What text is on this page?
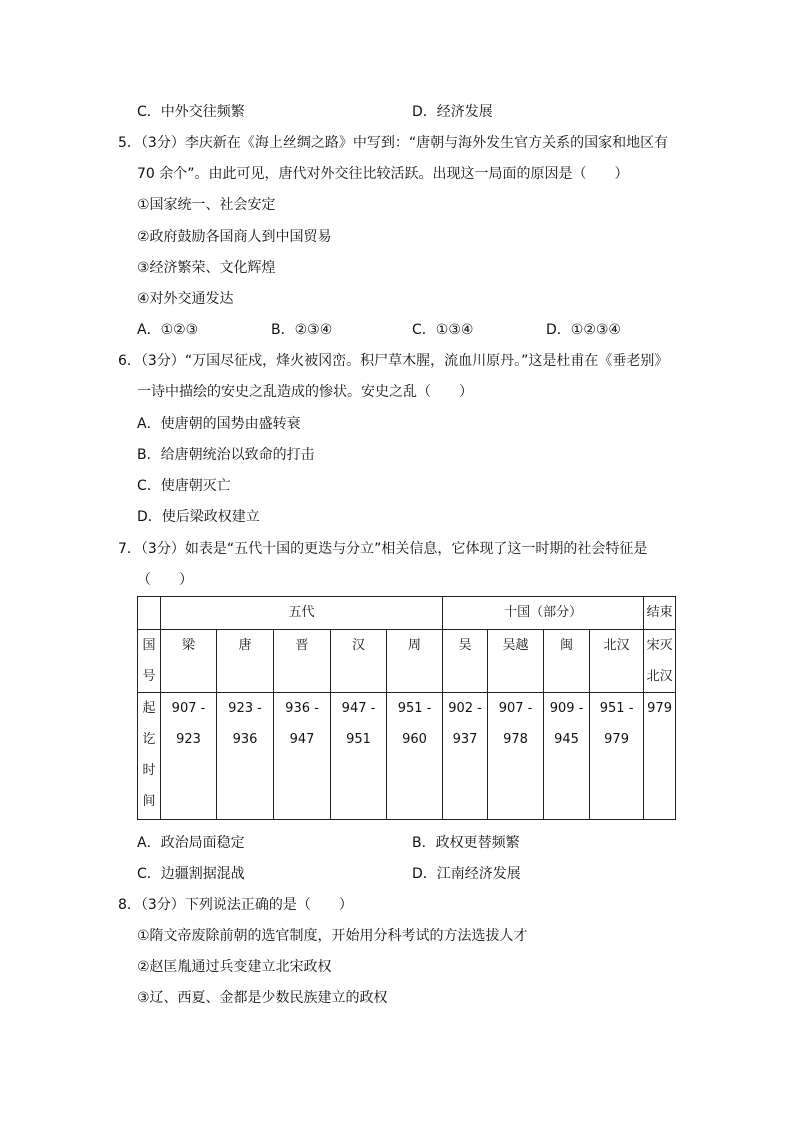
C．中外交往频繁	D．经济发展
5．（3分）李庆新在《海上丝绸之路》中写到：“唐朝与海外发生官方关系的国家和地区有
70 余个”。由此可见，唐代对外交往比较活跃。出现这一局面的原因是（　　）
①国家统一、社会安定
②政府鼓励各国商人到中国贸易
③经济繁荣、文化辉煌
④对外交通发达
A．①②③	B．②③④	C．①③④	D．①②③④
6．（3分）“万国尽征戍，烽火被冈峦。积尸草木腥，流血川原丹。”这是杜甫在《垂老别》
一诗中描绘的安史之乱造成的惨状。安史之乱（　　）
A．使唐朝的国势由盛转衰
B．给唐朝统治以致命的打击
C．使唐朝灭亡
D．使后梁政权建立
7．（3分）如表是“五代十国的更迭与分立”相关信息，它体现了这一时期的社会特征是
（　　）
	五代					十国（部分）				结束

国
号	梁	唐	晋	汉	周	吴	吴越	闽	北汉	宋灭
北汉

起
讫
时
间	907 -
923	923 -
936	936 -
947	947 -
951	951 -
960	902 -
937	907 -
978	909 -
945	951 -
979	979
A．政治局面稳定	B．政权更替频繁
C．边疆割据混战	D．江南经济发展
8．（3分）下列说法正确的是（　　）
①隋文帝废除前朝的选官制度，开始用分科考试的方法选拔人才
②赵匡胤通过兵变建立北宋政权
③辽、西夏、金都是少数民族建立的政权
